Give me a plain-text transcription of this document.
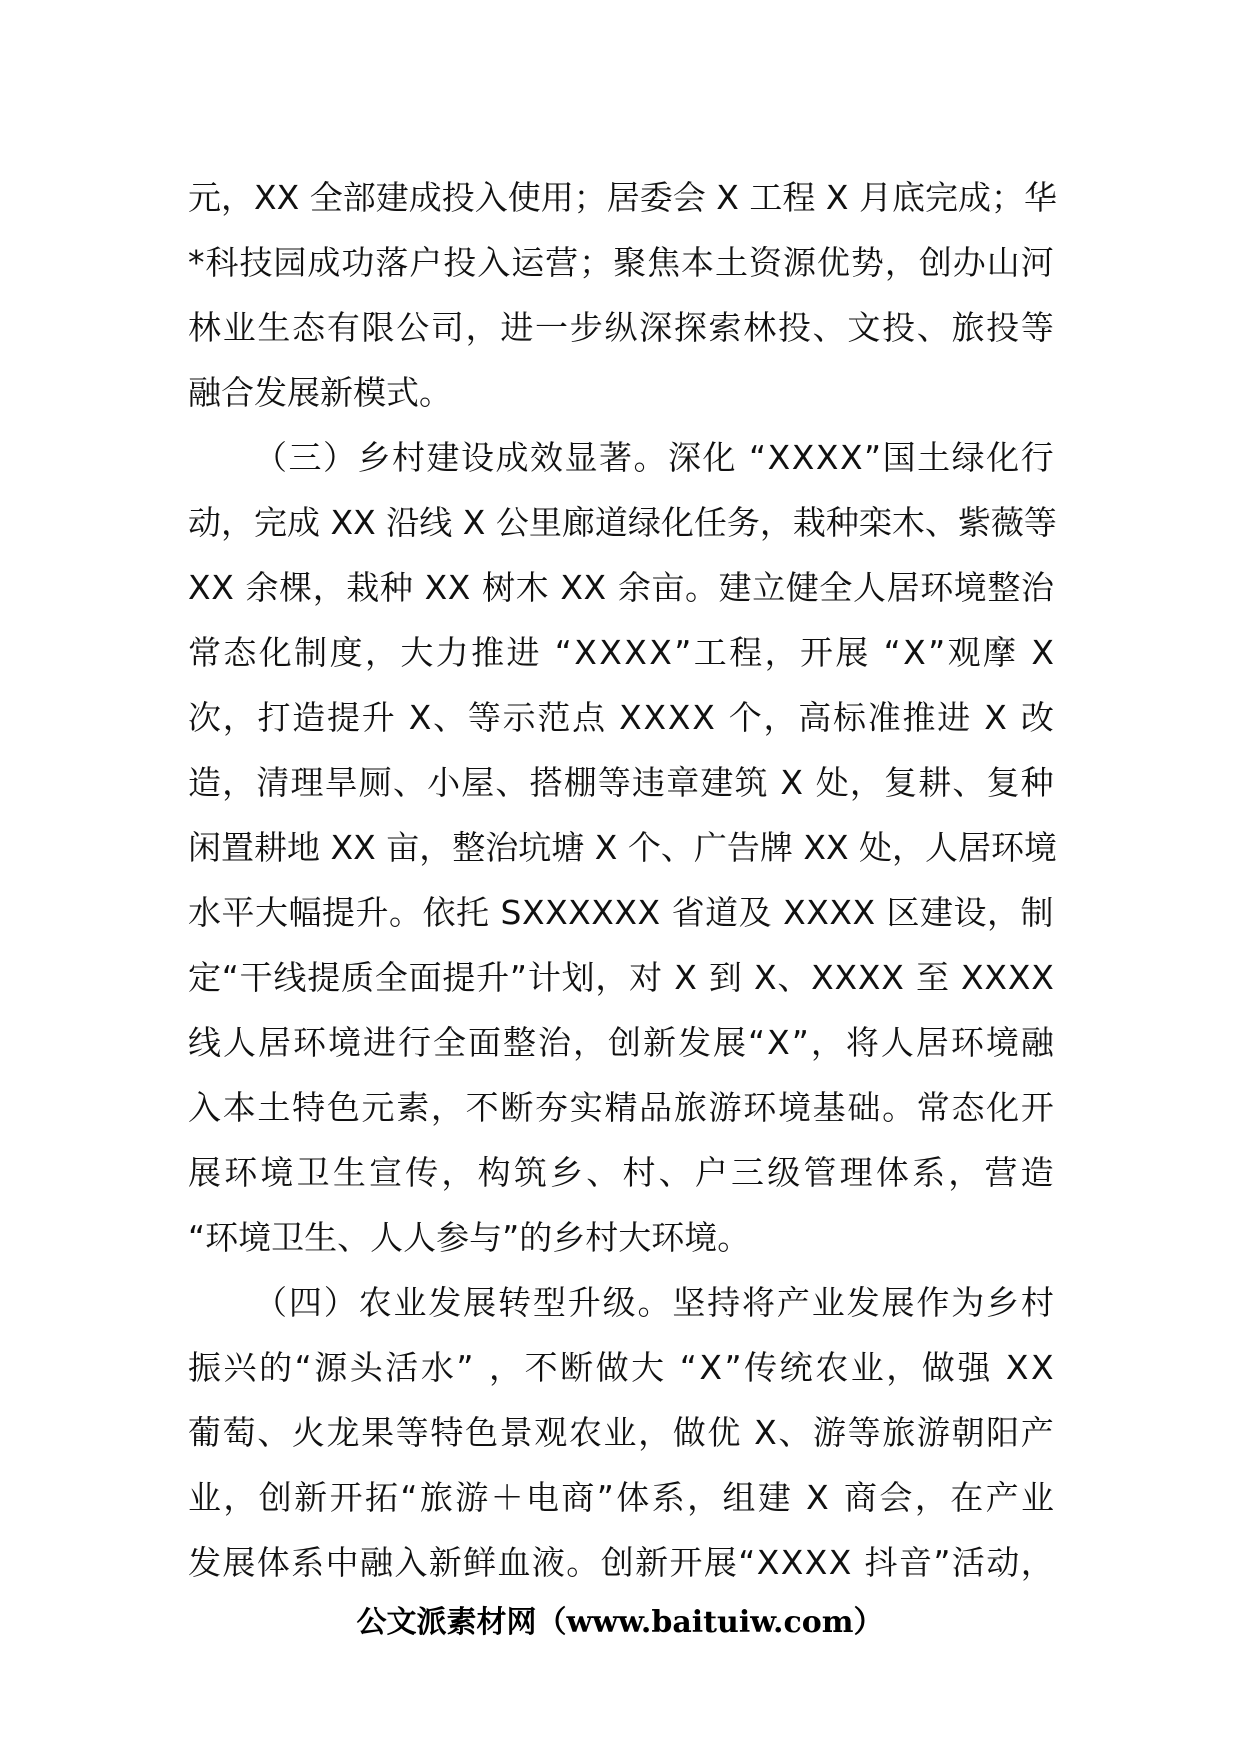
元 ， X X
全 部 建 成 投 入 使 用 ； 居 委 会
X
工 程
X
月 底 完 成 ； 华
* 科 技 园 成 功 落 户 投 入 运 营 ； 聚 焦 本 土 资 源 优 势 ， 创 办 山 河
林 业 生 态 有 限 公 司 ， 进 一 步 纵 深 探 索 林 投 、 文 投 、 旅 投 等
融合发展新模式。
（ 三 ） 乡 村 建 设 成 效 显 著 。 深 化
“ X X X X ” 国 土 绿 化 行
动 ， 完 成
X X
沿 线
X
公 里 廊 道 绿 化 任 务 ， 栽 种 栾 木 、 紫 薇 等
X X
余 棵 ， 栽 种
X X
树 木
X X
余 亩 。 建 立 健 全 人 居 环 境 整 治
常 态 化 制 度 ， 大 力 推 进
“ X X X X ” 工 程 ， 开 展
“ X ” 观 摩
X
次 ， 打 造 提 升
X 、 等 示 范 点
X X X X
个 ， 高 标 准 推 进
X
改
造 ， 清 理 旱 厕 、 小 屋 、 搭 棚 等 违 章 建 筑
X
处 ， 复 耕 、 复 种
闲 置 耕 地
X X
亩 ， 整 治 坑 塘
X
个 、 广 告 牌
X X
处 ， 人 居 环 境
水 平 大 幅 提 升 。 依 托
S X X X X X X
省 道 及
X X X X
区 建 设 ， 制
定 “ 干 线 提 质 全 面 提 升 ” 计 划 ， 对
X
到
X 、 X X X X
至
X X X X
线 人 居 环 境 进 行 全 面 整 治 ， 创 新 发 展 “ X ” ， 将 人 居 环 境 融
入 本 土 特 色 元 素 ， 不 断 夯 实 精 品 旅 游 环 境 基 础 。 常 态 化 开
展 环 境 卫 生 宣 传 ， 构 筑 乡 、 村 、 户 三 级 管 理 体 系 ， 营 造
“环境卫生、人人参与”的乡村大环境。
（ 四 ） 农 业 发 展 转 型 升 级 。 坚 持 将 产 业 发 展 作 为 乡 村
振 兴 的 “ 源 头 活 水 ”
， 不 断 做 大
“ X ” 传 统 农 业 ， 做 强
X X
葡 萄 、 火 龙 果 等 特 色 景 观 农 业 ， 做 优
X 、 游 等 旅 游 朝 阳 产
业 ， 创 新 开 拓 “ 旅 游 ＋ 电 商 ” 体 系 ， 组 建
X
商 会 ， 在 产 业
发 展 体 系 中 融 入 新 鲜 血 液 。 创 新 开 展 “ X X X X
抖 音 ” 活 动 ，
公文派素材网（www.baituiw.com）
